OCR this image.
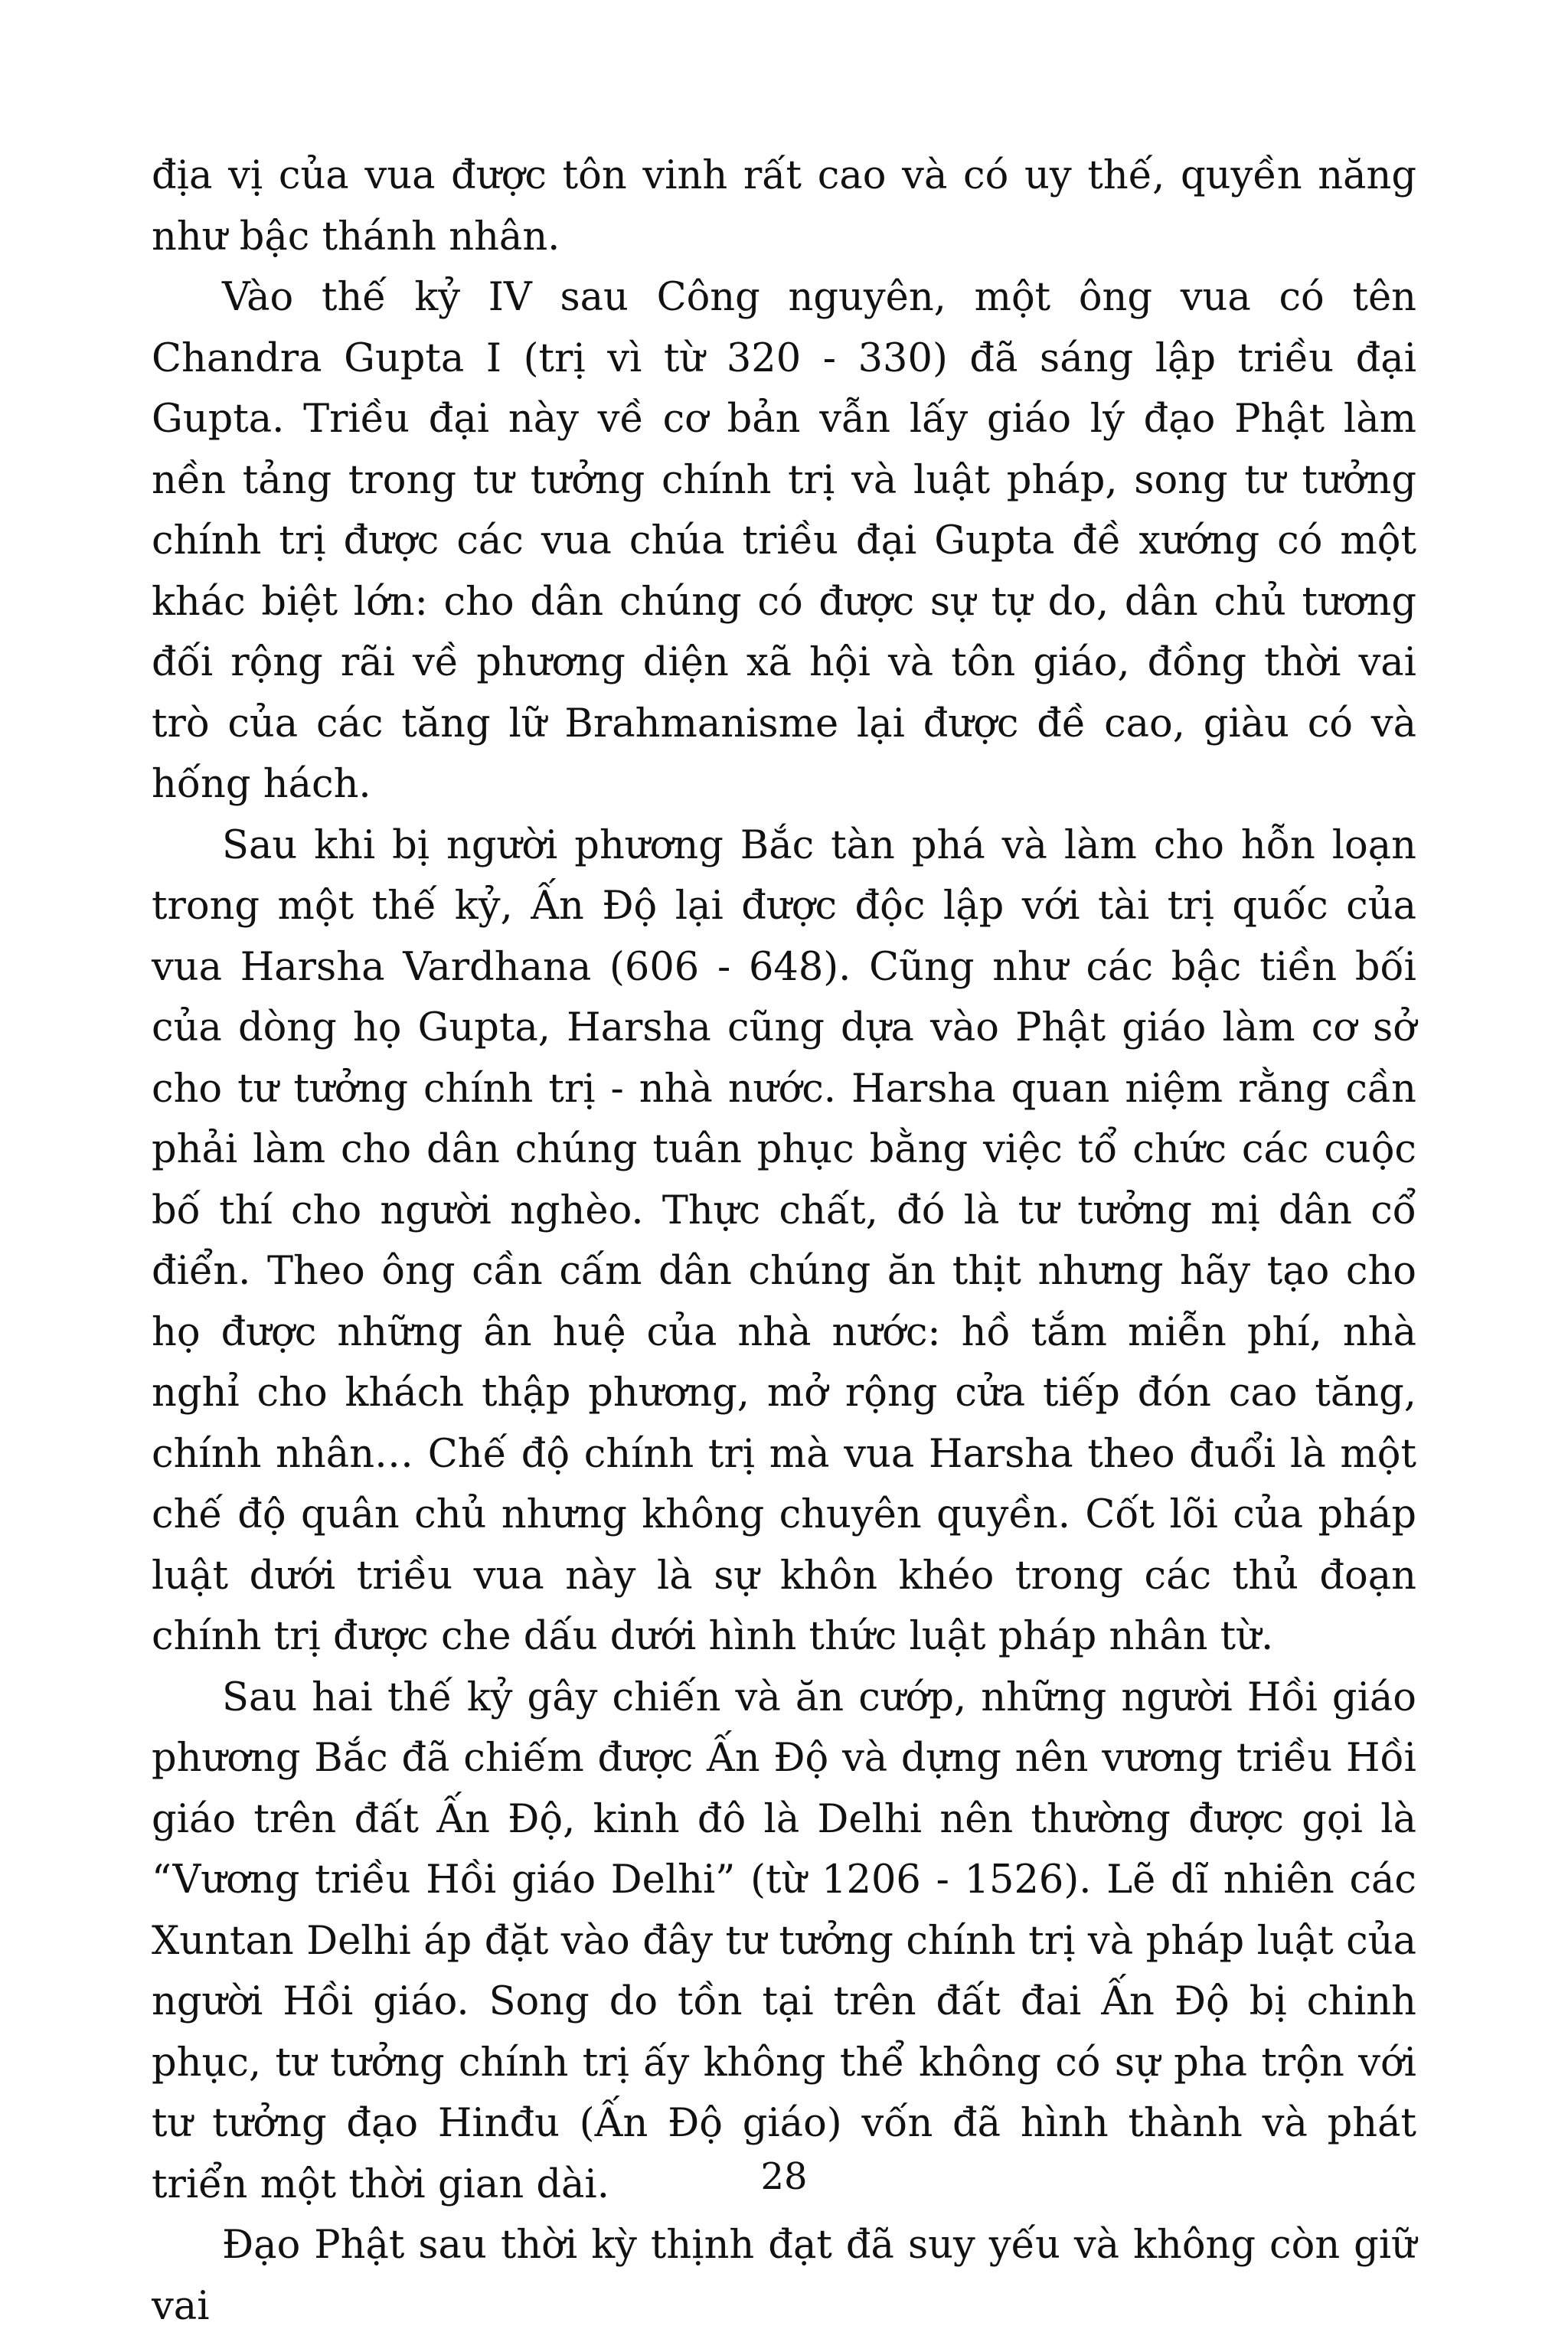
địa vị của vua được tôn vinh rất cao và có uy thế, quyền năng như bậc thánh nhân.

Vào thế kỷ IV sau Công nguyên, một ông vua có tên Chandra Gupta I (trị vì từ 320 - 330) đã sáng lập triều đại Gupta. Triều đại này về cơ bản vẫn lấy giáo lý đạo Phật làm nền tảng trong tư tưởng chính trị và luật pháp, song tư tưởng chính trị được các vua chúa triều đại Gupta đề xướng có một khác biệt lớn: cho dân chúng có được sự tự do, dân chủ tương đối rộng rãi về phương diện xã hội và tôn giáo, đồng thời vai trò của các tăng lữ Brahmanisme lại được đề cao, giàu có và hống hách.

Sau khi bị người phương Bắc tàn phá và làm cho hỗn loạn trong một thế kỷ, Ấn Độ lại được độc lập với tài trị quốc của vua Harsha Vardhana (606 - 648). Cũng như các bậc tiền bối của dòng họ Gupta, Harsha cũng dựa vào Phật giáo làm cơ sở cho tư tưởng chính trị - nhà nước. Harsha quan niệm rằng cần phải làm cho dân chúng tuân phục bằng việc tổ chức các cuộc bố thí cho người nghèo. Thực chất, đó là tư tưởng mị dân cổ điển. Theo ông cần cấm dân chúng ăn thịt nhưng hãy tạo cho họ được những ân huệ của nhà nước: hồ tắm miễn phí, nhà nghỉ cho khách thập phương, mở rộng cửa tiếp đón cao tăng, chính nhân… Chế độ chính trị mà vua Harsha theo đuổi là một chế độ quân chủ nhưng không chuyên quyền. Cốt lõi của pháp luật dưới triều vua này là sự khôn khéo trong các thủ đoạn chính trị được che dấu dưới hình thức luật pháp nhân từ.

Sau hai thế kỷ gây chiến và ăn cướp, những người Hồi giáo phương Bắc đã chiếm được Ấn Độ và dựng nên vương triều Hồi giáo trên đất Ấn Độ, kinh đô là Delhi nên thường được gọi là “Vương triều Hồi giáo Delhi” (từ 1206 - 1526). Lẽ dĩ nhiên các Xuntan Delhi áp đặt vào đây tư tưởng chính trị và pháp luật của người Hồi giáo. Song do tồn tại trên đất đai Ấn Độ bị chinh phục, tư tưởng chính trị ấy không thể không có sự pha trộn với tư tưởng đạo Hinđu (Ấn Độ giáo) vốn đã hình thành và phát triển một thời gian dài.

Đạo Phật sau thời kỳ thịnh đạt đã suy yếu và không còn giữ vai

28
